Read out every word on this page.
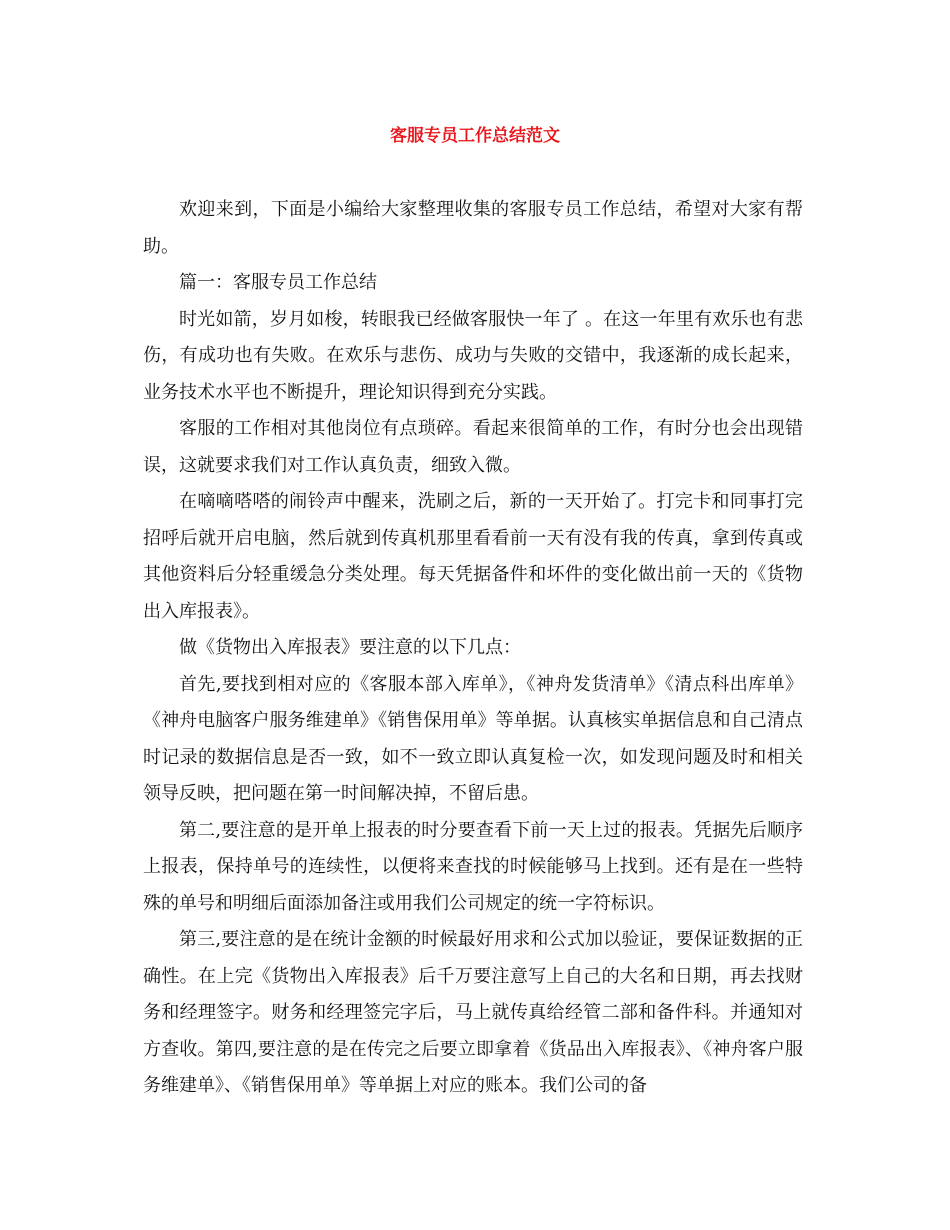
客服专员工作总结范文

欢迎来到，下面是小编给大家整理收集的客服专员工作总结，希望对大家有帮助。

篇一：客服专员工作总结

时光如箭，岁月如梭，转眼我已经做客服快一年了 。在这一年里有欢乐也有悲伤，有成功也有失败。在欢乐与悲伤、成功与失败的交错中，我逐渐的成长起来，业务技术水平也不断提升，理论知识得到充分实践。

客服的工作相对其他岗位有点琐碎。看起来很简单的工作，有时分也会出现错误，这就要求我们对工作认真负责，细致入微。

在嘀嘀嗒嗒的闹铃声中醒来，洗刷之后，新的一天开始了。打完卡和同事打完招呼后就开启电脑，然后就到传真机那里看看前一天有没有我的传真，拿到传真或其他资料后分轻重缓急分类处理。每天凭据备件和坏件的变化做出前一天的《货物出入库报表》。

做《货物出入库报表》要注意的以下几点：

首先,要找到相对应的《客服本部入库单》，《神舟发货清单》《清点科出库单》《神舟电脑客户服务维建单》《销售保用单》等单据。认真核实单据信息和自己清点时记录的数据信息是否一致，如不一致立即认真复检一次，如发现问题及时和相关领导反映，把问题在第一时间解决掉，不留后患。

第二,要注意的是开单上报表的时分要查看下前一天上过的报表。凭据先后顺序上报表，保持单号的连续性，以便将来查找的时候能够马上找到。还有是在一些特殊的单号和明细后面添加备注或用我们公司规定的统一字符标识。

第三,要注意的是在统计金额的时候最好用求和公式加以验证，要保证数据的正确性。在上完《货物出入库报表》后千万要注意写上自己的大名和日期，再去找财务和经理签字。财务和经理签完字后，马上就传真给经管二部和备件科。并通知对方查收。第四,要注意的是在传完之后要立即拿着《货品出入库报表》、《神舟客户服务维建单》、《销售保用单》等单据上对应的账本。我们公司的备
